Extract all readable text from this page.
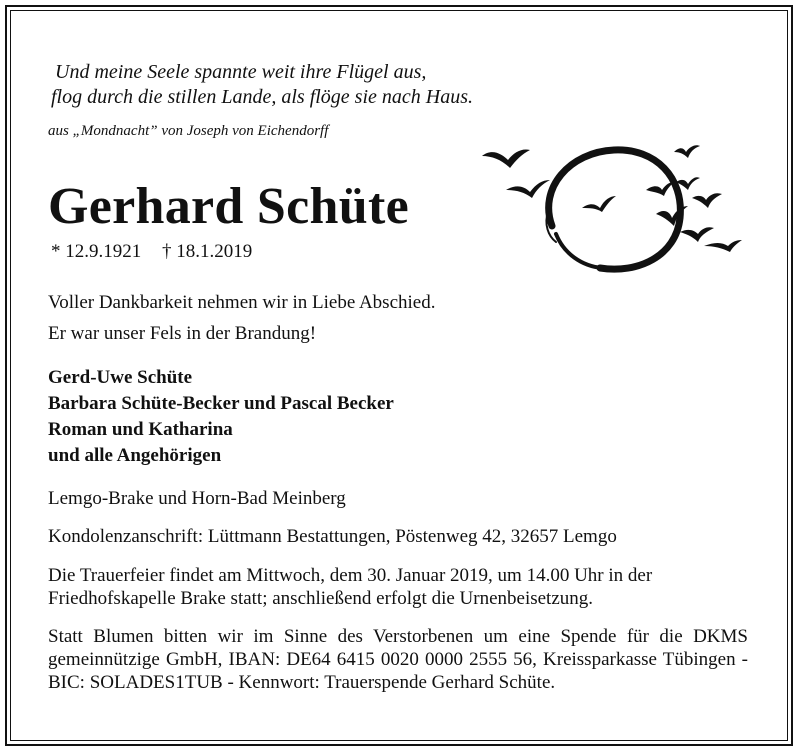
Und meine Seele spannte weit ihre Flügel aus,
flog durch die stillen Lande, als flöge sie nach Haus.
aus „Mondnacht” von Joseph von Eichendorff
Gerhard Schüte
* 12.9.1921 † 18.1.2019
Voller Dankbarkeit nehmen wir in Liebe Abschied.
Er war unser Fels in der Brandung!
Gerd-Uwe Schüte
Barbara Schüte-Becker und Pascal Becker
Roman und Katharina
und alle Angehörigen
Lemgo-Brake und Horn-Bad Meinberg
Kondolenzanschrift: Lüttmann Bestattungen, Pöstenweg 42, 32657 Lemgo
Die Trauerfeier findet am Mittwoch, dem 30. Januar 2019, um 14.00 Uhr in der
Friedhofskapelle Brake statt; anschließend erfolgt die Urnenbeisetzung.
Statt Blumen bitten wir im Sinne des Verstorbenen um eine Spende für die DKMS gemeinnützige GmbH, IBAN: DE64 6415 0020 0000 2555 56, Kreissparkasse Tübingen - BIC: SOLADES1TUB - Kennwort: Trauerspende Gerhard Schüte.
